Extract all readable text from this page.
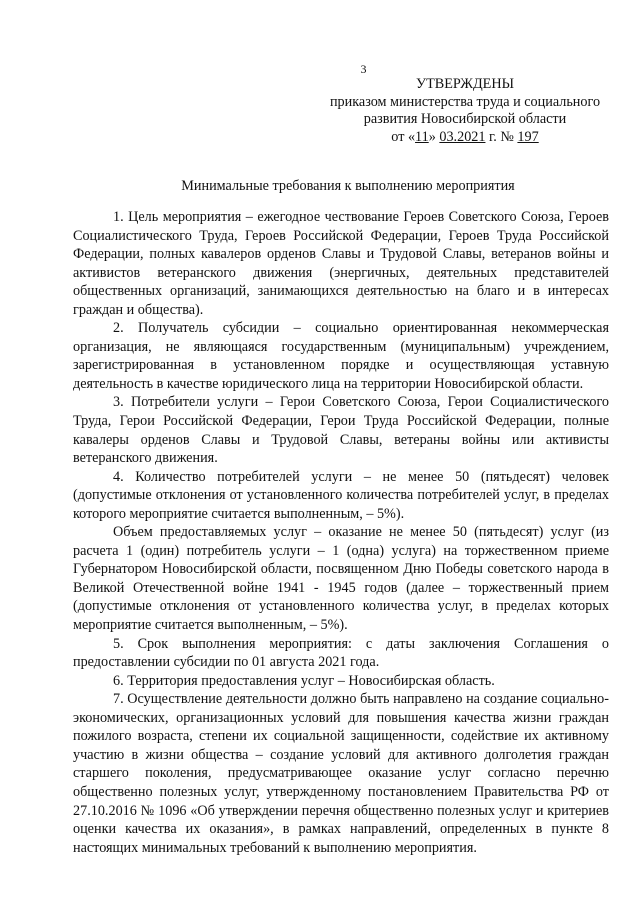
3
УТВЕРЖДЕНЫ
приказом министерства труда и социального
развития Новосибирской области
от «11» 03.2021 г. № 197
Минимальные требования к выполнению мероприятия

1. Цель мероприятия – ежегодное чествование Героев Советского Союза, Героев Социалистического Труда, Героев Российской Федерации, Героев Труда Российской Федерации, полных кавалеров орденов Славы и Трудовой Славы, ветеранов войны и активистов ветеранского движения (энергичных, деятельных представителей общественных организаций, занимающихся деятельностью на благо и в интересах граждан и общества).

2. Получатель субсидии – социально ориентированная некоммерческая организация, не являющаяся государственным (муниципальным) учреждением, зарегистрированная в установленном порядке и осуществляющая уставную деятельность в качестве юридического лица на территории Новосибирской области.

3. Потребители услуги – Герои Советского Союза, Герои Социалистического Труда, Герои Российской Федерации, Герои Труда Российской Федерации, полные кавалеры орденов Славы и Трудовой Славы, ветераны войны или активисты ветеранского движения.

4. Количество потребителей услуги – не менее 50 (пятьдесят) человек (допустимые отклонения от установленного количества потребителей услуг, в пределах которого мероприятие считается выполненным, – 5%).

Объем предоставляемых услуг – оказание не менее 50 (пятьдесят) услуг (из расчета 1 (один) потребитель услуги – 1 (одна) услуга) на торжественном приеме Губернатором Новосибирской области, посвященном Дню Победы советского народа в Великой Отечественной войне 1941 - 1945 годов (далее – торжественный прием (допустимые отклонения от установленного количества услуг, в пределах которых мероприятие считается выполненным, – 5%).

5. Срок выполнения мероприятия: с даты заключения Соглашения о предоставлении субсидии по 01 августа 2021 года.

6. Территория предоставления услуг – Новосибирская область.

7. Осуществление деятельности должно быть направлено на создание социально-экономических, организационных условий для повышения качества жизни граждан пожилого возраста, степени их социальной защищенности, содействие их активному участию в жизни общества – создание условий для активного долголетия граждан старшего поколения, предусматривающее оказание услуг согласно перечню общественно полезных услуг, утвержденному постановлением Правительства РФ от 27.10.2016 № 1096 «Об утверждении перечня общественно полезных услуг и критериев оценки качества их оказания», в рамках направлений, определенных в пункте 8 настоящих минимальных требований к выполнению мероприятия.
